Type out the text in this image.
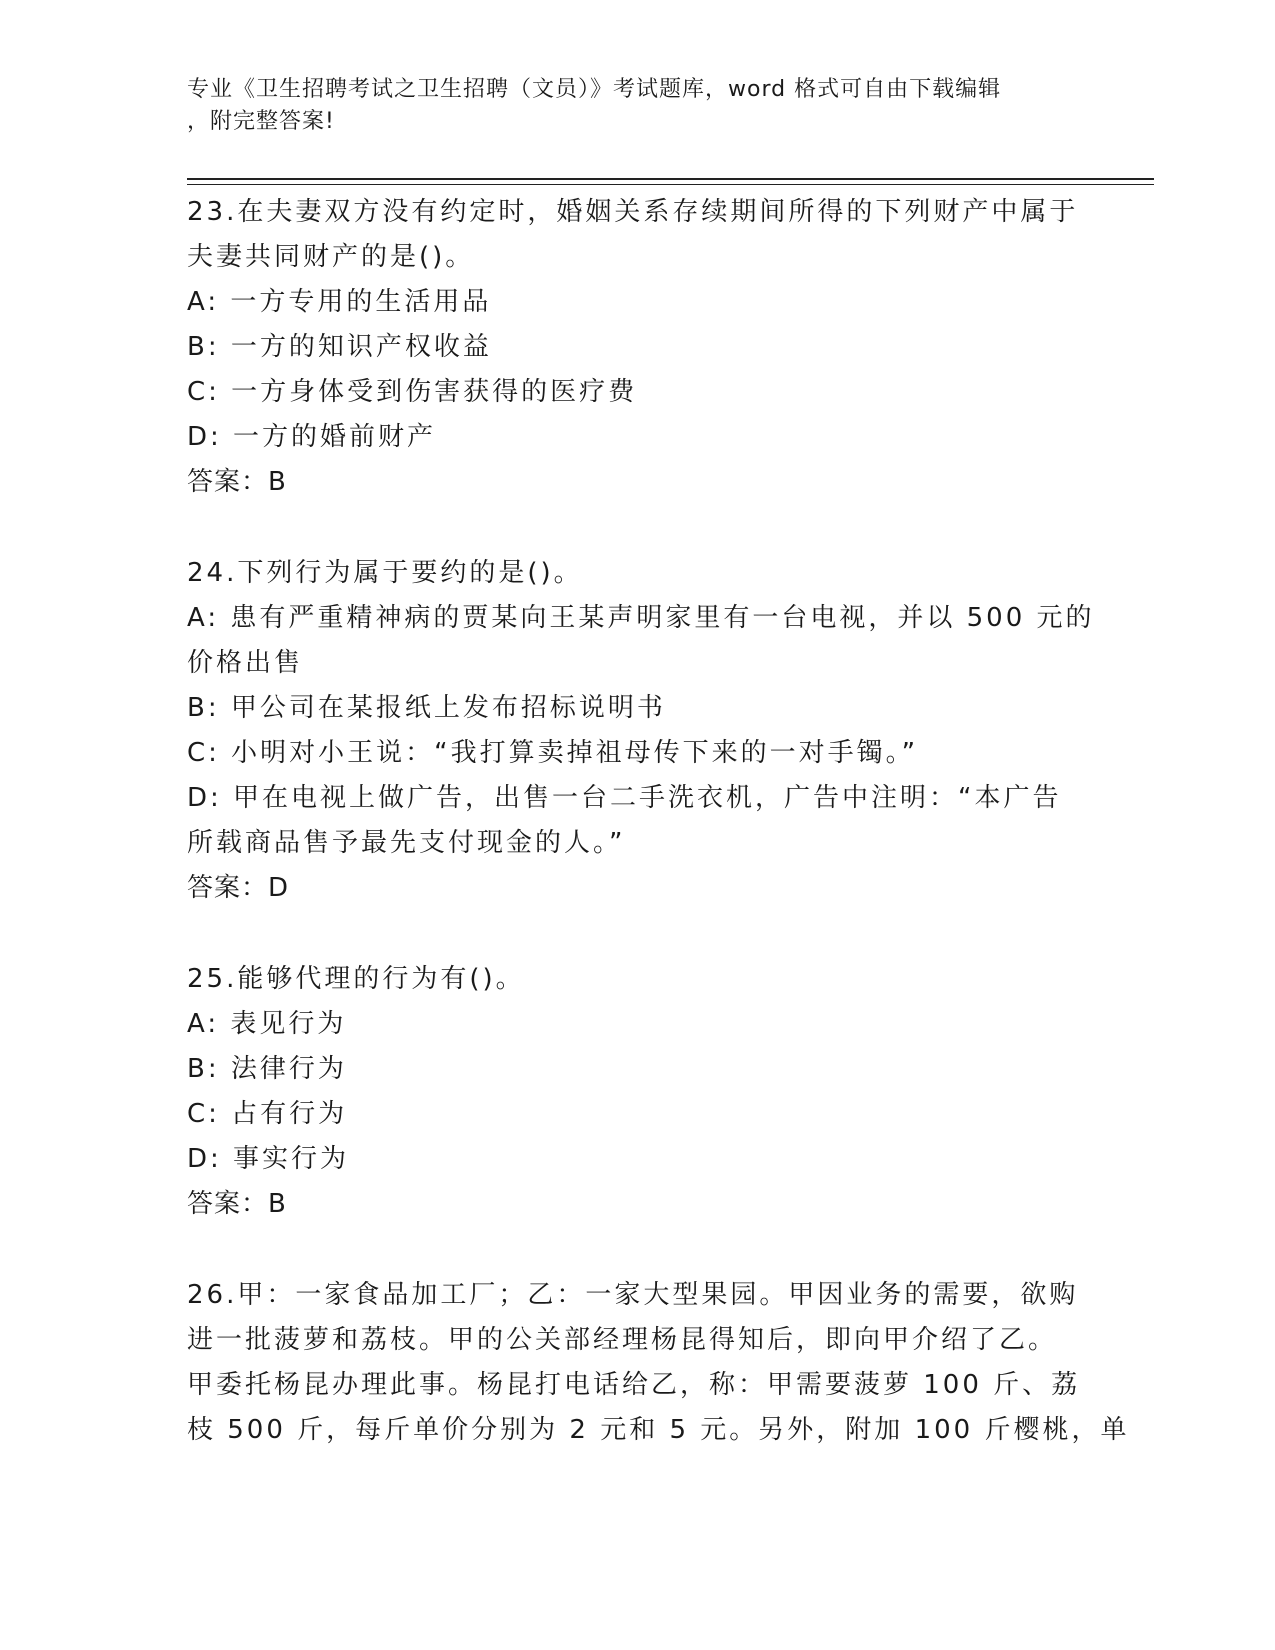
专业《卫生招聘考试之卫生招聘（文员）》考试题库，word 格式可自由下载编辑
，附完整答案!
23.在夫妻双方没有约定时，婚姻关系存续期间所得的下列财产中属于
夫妻共同财产的是()。
A: 一方专用的生活用品
B: 一方的知识产权收益
C: 一方身体受到伤害获得的医疗费
D: 一方的婚前财产
答案：B
24.下列行为属于要约的是()。
A: 患有严重精神病的贾某向王某声明家里有一台电视，并以 500 元的
价格出售
B: 甲公司在某报纸上发布招标说明书
C: 小明对小王说：“我打算卖掉祖母传下来的一对手镯。”
D: 甲在电视上做广告，出售一台二手洗衣机，广告中注明：“本广告
所载商品售予最先支付现金的人。”
答案：D
25.能够代理的行为有()。
A: 表见行为
B: 法律行为
C: 占有行为
D: 事实行为
答案：B
26.甲：一家食品加工厂；乙：一家大型果园。甲因业务的需要，欲购
进一批菠萝和荔枝。甲的公关部经理杨昆得知后，即向甲介绍了乙。
甲委托杨昆办理此事。杨昆打电话给乙，称：甲需要菠萝 100 斤、荔
枝 500 斤，每斤单价分别为 2 元和 5 元。另外，附加 100 斤樱桃，单
